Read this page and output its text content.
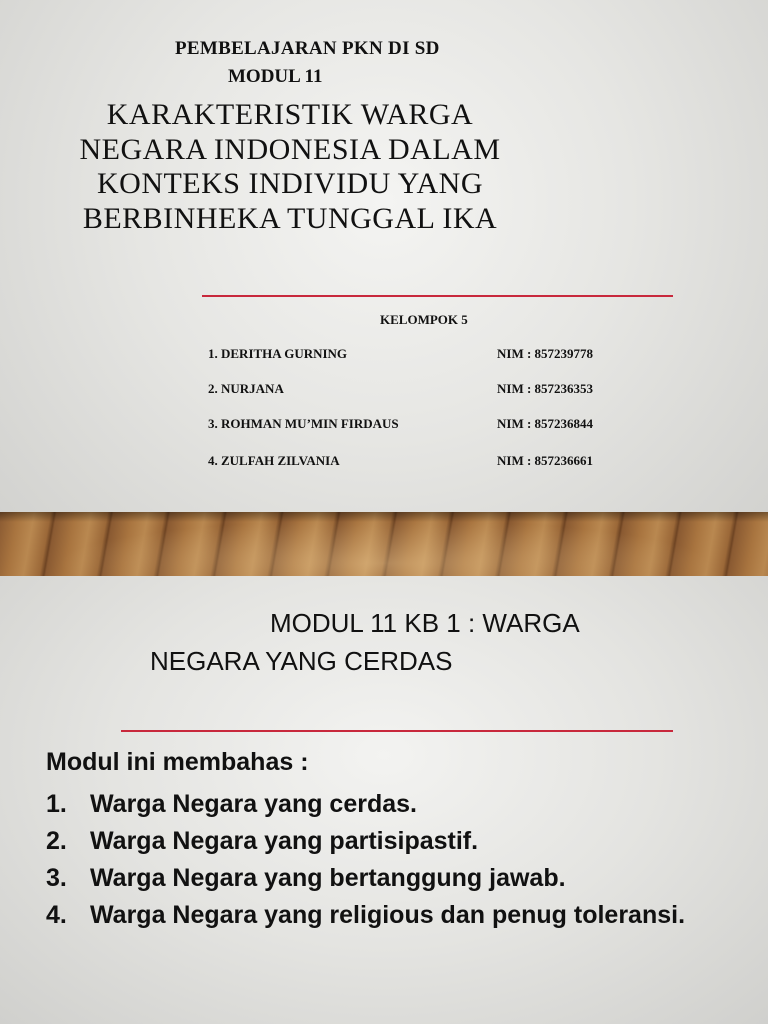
PEMBELAJARAN PKN DI SD
MODUL 11
KARAKTERISTIK WARGA
NEGARA INDONESIA DALAM
KONTEKS INDIVIDU YANG
BERBINHEKA TUNGGAL IKA
KELOMPOK 5
1. DERITHA GURNING	NIM : 857239778
2. NURJANA	NIM : 857236353
3. ROHMAN MU’MIN FIRDAUS	NIM : 857236844
4. ZULFAH ZILVANIA	NIM : 857236661
MODUL 11 KB 1 : WARGA
NEGARA YANG CERDAS
Modul ini membahas :
1. Warga Negara yang cerdas.
2. Warga Negara yang partisipastif.
3. Warga Negara yang bertanggung jawab.
4. Warga Negara yang religious dan penug toleransi.
